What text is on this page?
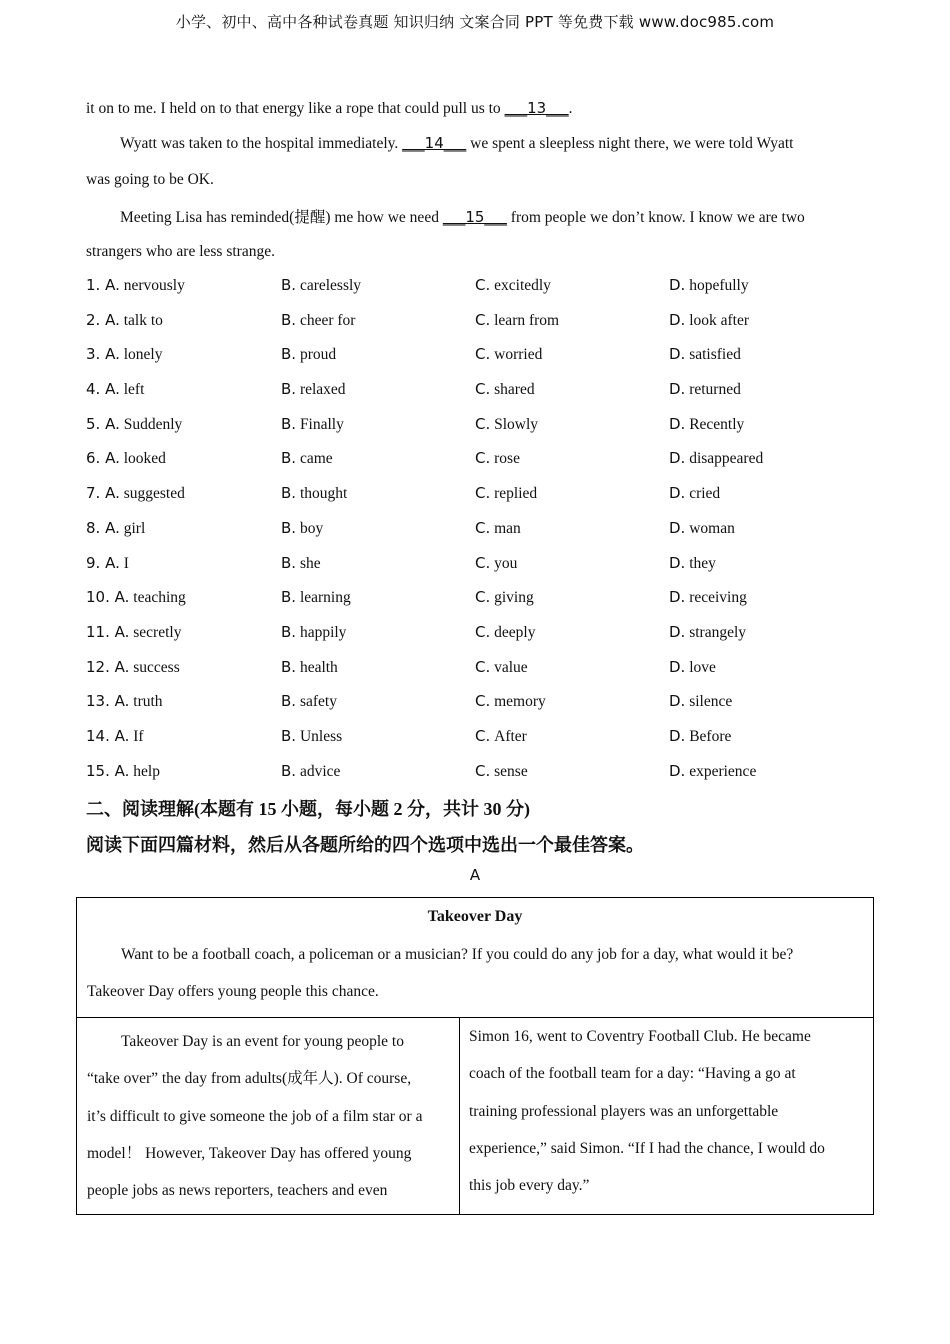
小学、初中、高中各种试卷真题 知识归纳 文案合同 PPT 等免费下载 www.doc985.com
it on to me. I held on to that energy like a rope that could pull us to ___13___.
Wyatt was taken to the hospital immediately. ___14___ we spent a sleepless night there, we were told Wyatt
was going to be OK.
Meeting Lisa has reminded(提醒) me how we need ___15___ from people we don’t know. I know we are two
strangers who are less strange.
1. A. nervously	B. carelessly	C. excitedly	D. hopefully
2. A. talk to	B. cheer for	C. learn from	D. look after
3. A. lonely	B. proud	C. worried	D. satisfied
4. A. left	B. relaxed	C. shared	D. returned
5. A. Suddenly	B. Finally	C. Slowly	D. Recently
6. A. looked	B. came	C. rose	D. disappeared
7. A. suggested	B. thought	C. replied	D. cried
8. A. girl	B. boy	C. man	D. woman
9. A. I	B. she	C. you	D. they
10. A. teaching	B. learning	C. giving	D. receiving
11. A. secretly	B. happily	C. deeply	D. strangely
12. A. success	B. health	C. value	D. love
13. A. truth	B. safety	C. memory	D. silence
14. A. If	B. Unless	C. After	D. Before
15. A. help	B. advice	C. sense	D. experience
二、阅读理解(本题有 15 小题，每小题 2 分，共计 30 分)
阅读下面四篇材料，然后从各题所给的四个选项中选出一个最佳答案。
A
Takeover Day
Want to be a football coach, a policeman or a musician? If you could do any job for a day, what would it be?
Takeover Day offers young people this chance.
Takeover Day is an event for young people to
“take over” the day from adults(成年人). Of course,
it’s difficult to give someone the job of a film star or a
model！ However, Takeover Day has offered young
people jobs as news reporters, teachers and even
Simon 16, went to Coventry Football Club. He became
coach of the football team for a day: “Having a go at
training professional players was an unforgettable
experience,” said Simon. “If I had the chance, I would do
this job every day.”
